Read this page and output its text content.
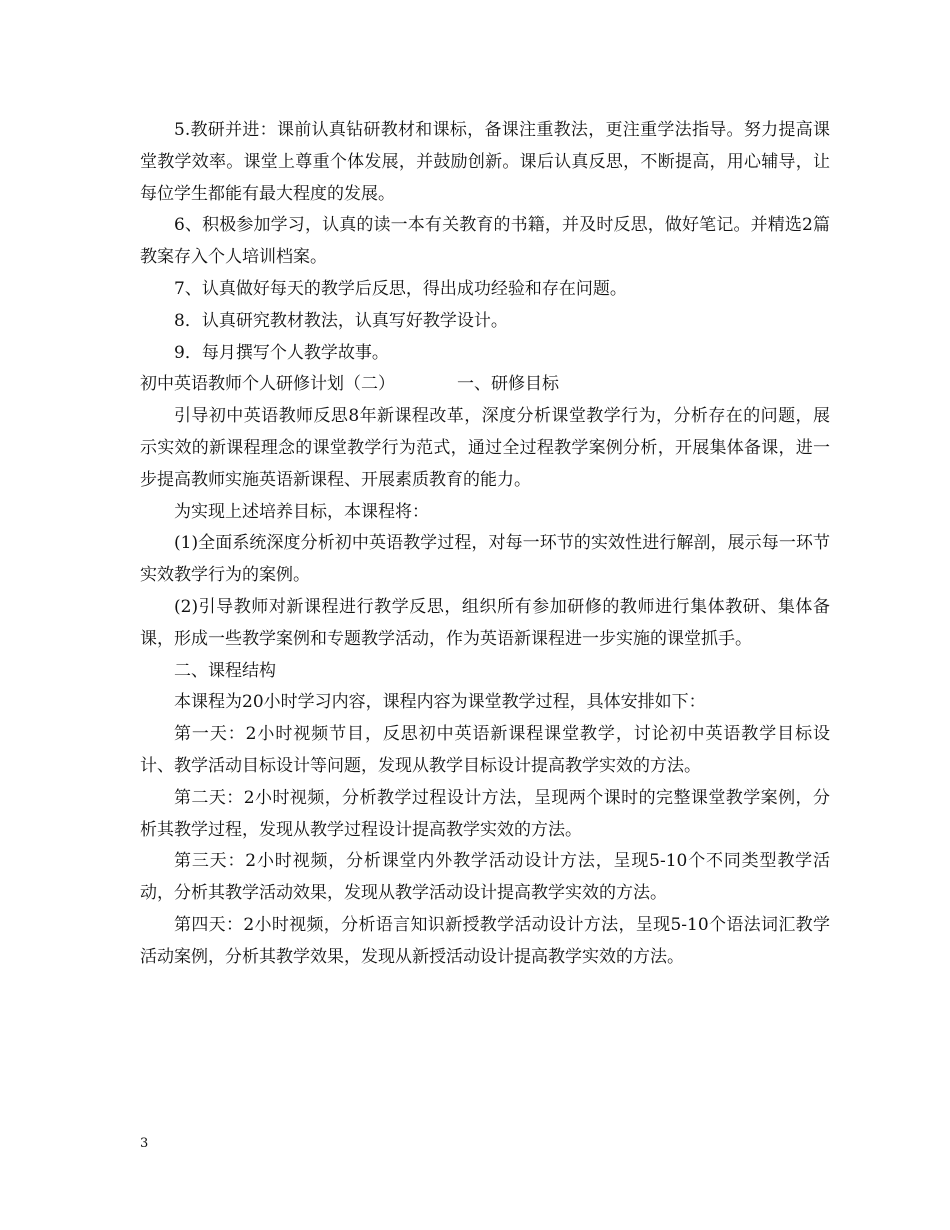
5.教研并进：课前认真钻研教材和课标，备课注重教法，更注重学法指导。努力提高课堂教学效率。课堂上尊重个体发展，并鼓励创新。课后认真反思，不断提高，用心辅导，让每位学生都能有最大程度的发展。

6、积极参加学习，认真的读一本有关教育的书籍，并及时反思，做好笔记。并精选2篇教案存入个人培训档案。

7、认真做好每天的教学后反思，得出成功经验和存在问题。

8．认真研究教材教法，认真写好教学设计。

9．每月撰写个人教学故事。

初中英语教师个人研修计划（二）	一、研修目标

引导初中英语教师反思8年新课程改革，深度分析课堂教学行为，分析存在的问题，展示实效的新课程理念的课堂教学行为范式，通过全过程教学案例分析，开展集体备课，进一步提高教师实施英语新课程、开展素质教育的能力。

为实现上述培养目标，本课程将：

(1)全面系统深度分析初中英语教学过程，对每一环节的实效性进行解剖，展示每一环节实效教学行为的案例。

(2)引导教师对新课程进行教学反思，组织所有参加研修的教师进行集体教研、集体备课，形成一些教学案例和专题教学活动，作为英语新课程进一步实施的课堂抓手。

二、课程结构

本课程为20小时学习内容，课程内容为课堂教学过程，具体安排如下：

第一天：2小时视频节目，反思初中英语新课程课堂教学，讨论初中英语教学目标设计、教学活动目标设计等问题，发现从教学目标设计提高教学实效的方法。

第二天：2小时视频，分析教学过程设计方法，呈现两个课时的完整课堂教学案例，分析其教学过程，发现从教学过程设计提高教学实效的方法。

第三天：2小时视频，分析课堂内外教学活动设计方法，呈现5-10个不同类型教学活动，分析其教学活动效果，发现从教学活动设计提高教学实效的方法。

第四天：2小时视频，分析语言知识新授教学活动设计方法，呈现5-10个语法词汇教学活动案例，分析其教学效果，发现从新授活动设计提高教学实效的方法。

3
